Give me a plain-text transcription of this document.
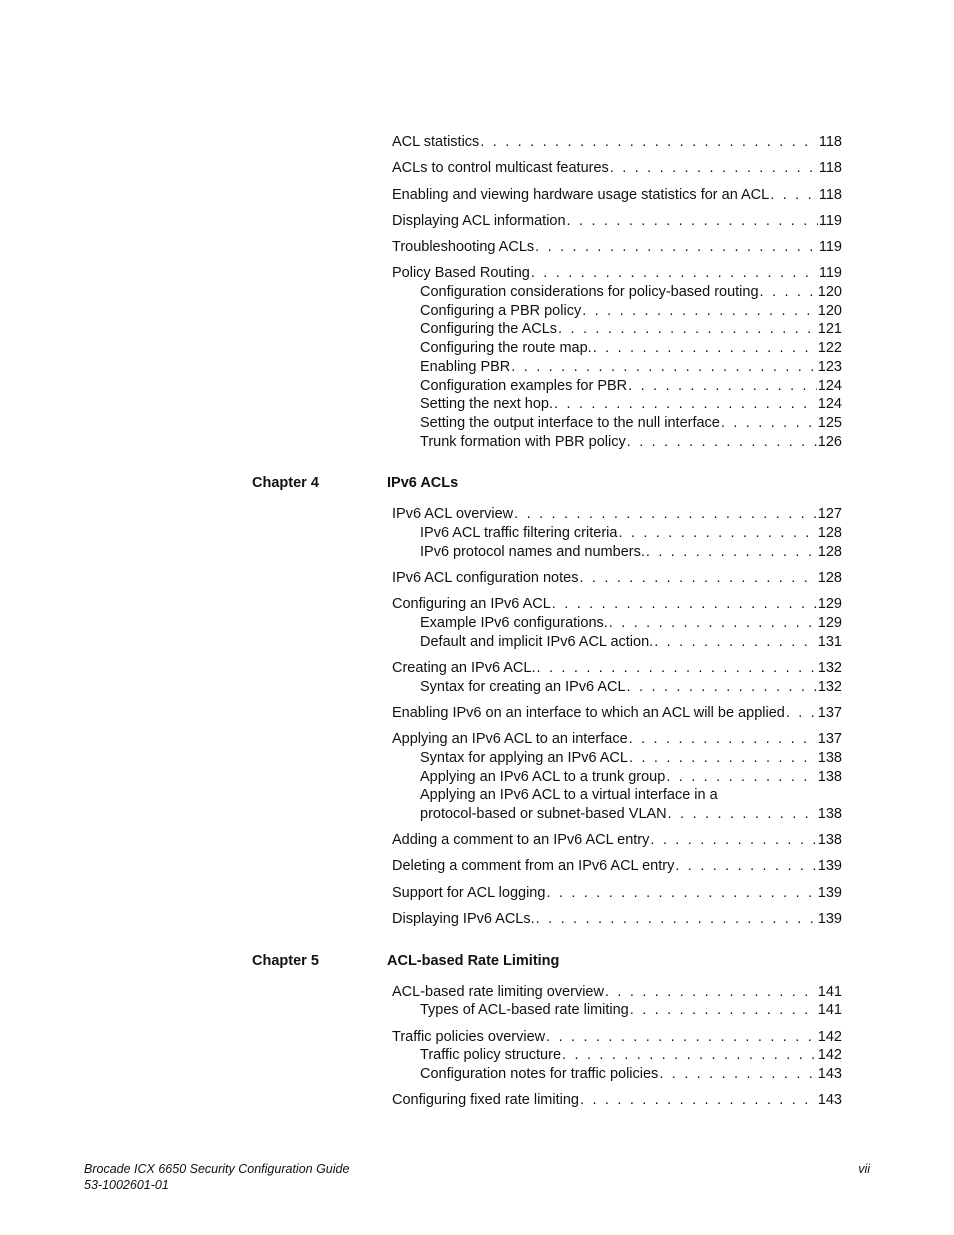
ACL statistics . . .	118
ACLs to control multicast features . . .	118
Enabling and viewing hardware usage statistics for an ACL . . .	118
Displaying ACL information . . .	119
Troubleshooting ACLs . . .	119
Policy Based Routing . . .	119
Configuration considerations for policy-based routing . . .	120
Configuring a PBR policy . . .	120
Configuring the ACLs . . .	121
Configuring the route map. . . .	122
Enabling PBR . . .	123
Configuration examples for PBR . . .	124
Setting the next hop. . . .	124
Setting the output interface to the null interface . . .	125
Trunk formation with PBR policy . . .	126
Chapter 4	IPv6 ACLs
IPv6 ACL overview . . .	127
IPv6 ACL traffic filtering criteria . . .	128
IPv6 protocol names and numbers. . . .	128
IPv6 ACL configuration notes . . .	128
Configuring an IPv6 ACL . . .	129
Example IPv6 configurations. . . .	129
Default and implicit IPv6 ACL action. . . .	131
Creating an IPv6 ACL. . . .	132
Syntax for creating an IPv6 ACL . . .	132
Enabling IPv6 on an interface to which an ACL will be applied . . . 137
Applying an IPv6 ACL to an interface . . .	137
Syntax for applying an IPv6 ACL . . .	138
Applying an IPv6 ACL to a trunk group . . .	138
Applying an IPv6 ACL to a virtual interface in a
protocol-based or subnet-based VLAN . . .	138
Adding a comment to an IPv6 ACL entry . . .	138
Deleting a comment from an IPv6 ACL entry . . .	139
Support for ACL logging . . .	139
Displaying IPv6 ACLs. . . .	139
Chapter 5	ACL-based Rate Limiting
ACL-based rate limiting overview . . .	141
Types of ACL-based rate limiting . . .	141
Traffic policies overview . . .	142
Traffic policy structure . . .	142
Configuration notes for traffic policies . . .	143
Configuring fixed rate limiting . . .	143
Brocade ICX 6650 Security Configuration Guide
53-1002601-01
vii
